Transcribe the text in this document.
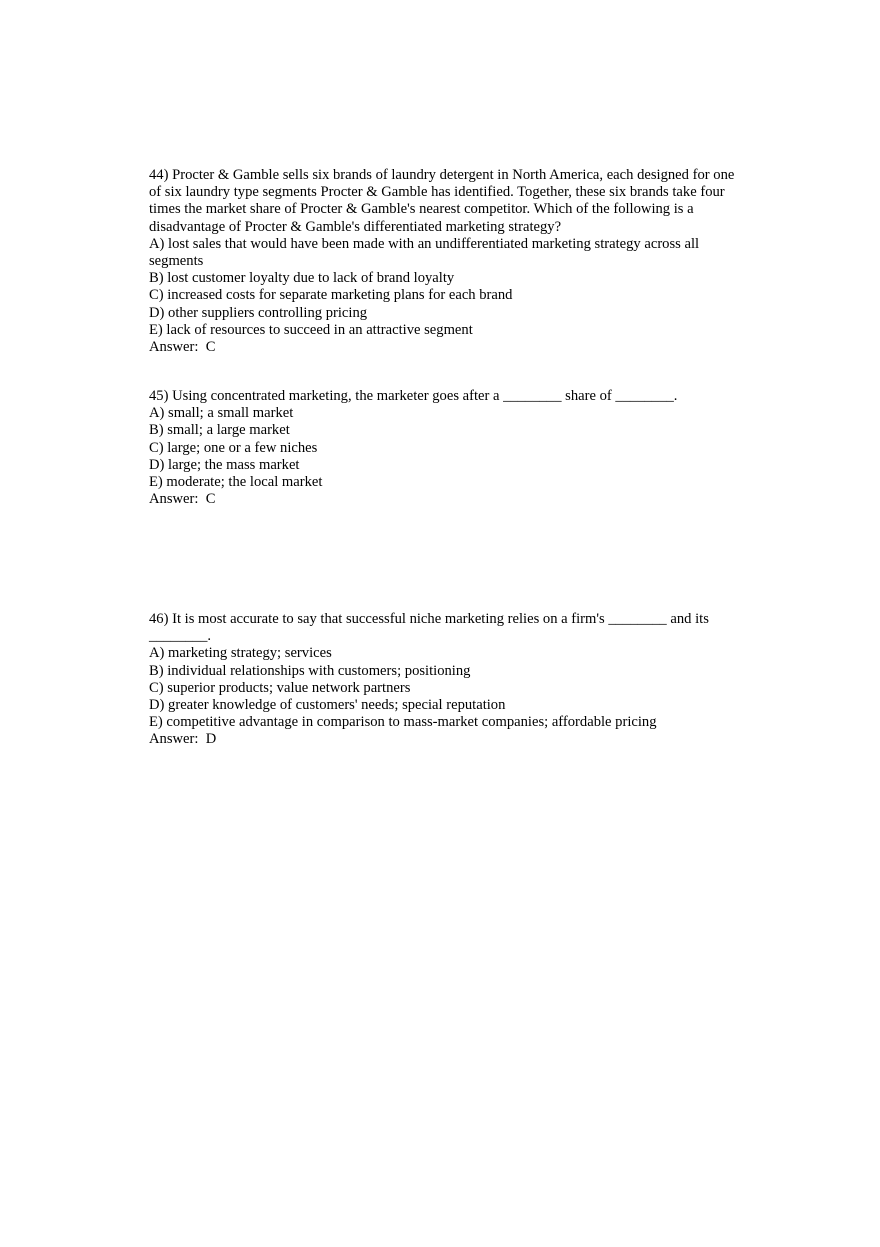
44) Procter & Gamble sells six brands of laundry detergent in North America, each designed for one of six laundry type segments Procter & Gamble has identified. Together, these six brands take four times the market share of Procter & Gamble's nearest competitor. Which of the following is a disadvantage of Procter & Gamble's differentiated marketing strategy?

A) lost sales that would have been made with an undifferentiated marketing strategy across all segments

B) lost customer loyalty due to lack of brand loyalty

C) increased costs for separate marketing plans for each brand

D) other suppliers controlling pricing

E) lack of resources to succeed in an attractive segment

Answer:  C

45) Using concentrated marketing, the marketer goes after a ________ share of ________.

A) small; a small market

B) small; a large market

C) large; one or a few niches

D) large; the mass market

E) moderate; the local market

Answer:  C

46) It is most accurate to say that successful niche marketing relies on a firm's ________ and its ________.

A) marketing strategy; services

B) individual relationships with customers; positioning

C) superior products; value network partners

D) greater knowledge of customers' needs; special reputation

E) competitive advantage in comparison to mass-market companies; affordable pricing

Answer:  D
